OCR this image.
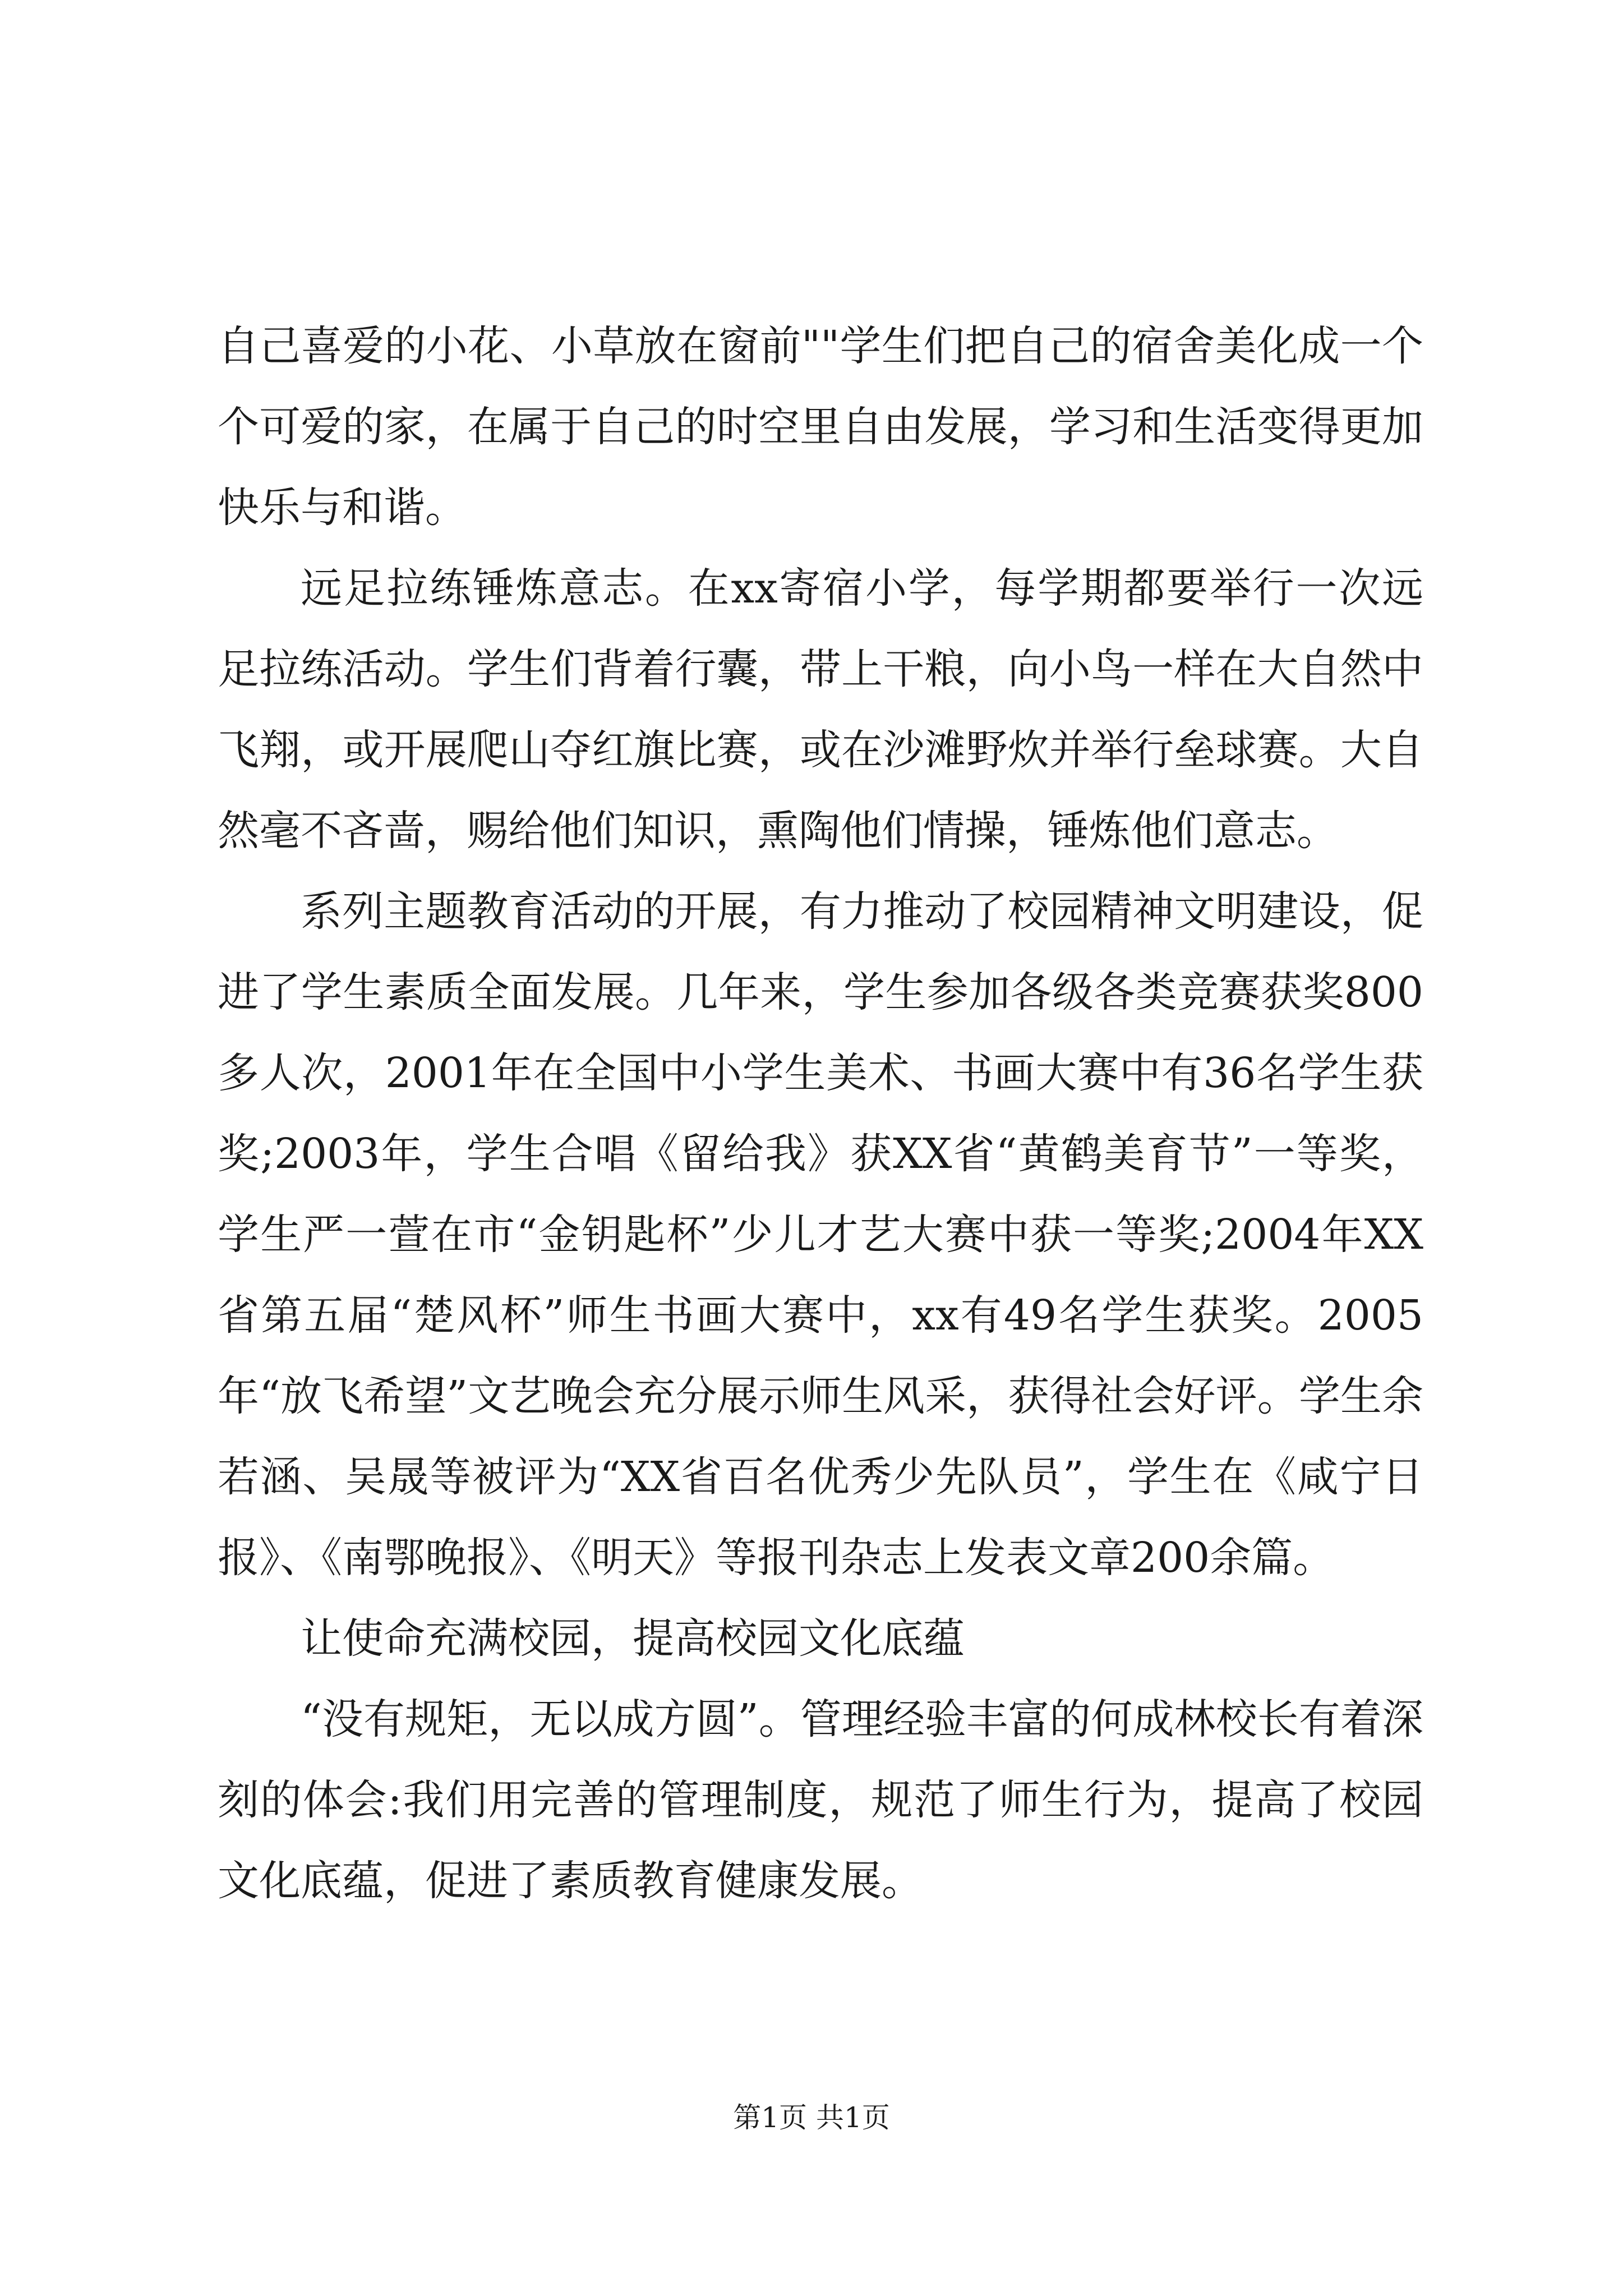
自己喜爱的小花、小草放在窗前""学生们把自己的宿舍美化成一个个可爱的家，在属于自己的时空里自由发展，学习和生活变得更加快乐与和谐。

远足拉练锤炼意志。在xx寄宿小学，每学期都要举行一次远足拉练活动。学生们背着行囊，带上干粮，向小鸟一样在大自然中飞翔，或开展爬山夺红旗比赛，或在沙滩野炊并举行垒球赛。大自然毫不吝啬，赐给他们知识，熏陶他们情操，锤炼他们意志。

系列主题教育活动的开展，有力推动了校园精神文明建设，促进了学生素质全面发展。几年来，学生参加各级各类竞赛获奖800多人次，2001年在全国中小学生美术、书画大赛中有36名学生获奖;2003年，学生合唱《留给我》获XX省“黄鹤美育节”一等奖，学生严一萱在市“金钥匙杯”少儿才艺大赛中获一等奖;2004年XX省第五届“楚风杯”师生书画大赛中，xx有49名学生获奖。2005年“放飞希望”文艺晚会充分展示师生风采，获得社会好评。学生余若涵、吴晟等被评为“XX省百名优秀少先队员”，学生在《咸宁日报》、《南鄂晚报》、《明天》等报刊杂志上发表文章200余篇。

让使命充满校园，提高校园文化底蕴

“没有规矩，无以成方圆”。管理经验丰富的何成林校长有着深刻的体会:我们用完善的管理制度，规范了师生行为，提高了校园文化底蕴，促进了素质教育健康发展。

第1页 共1页
